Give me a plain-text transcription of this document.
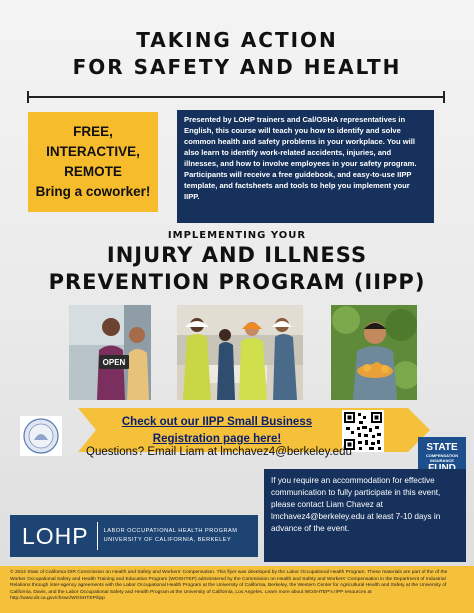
TAKING ACTION
FOR SAFETY AND HEALTH
FREE,
INTERACTIVE,
REMOTE
Bring a coworker!
Presented by LOHP trainers and Cal/OSHA representatives in English, this course will teach you how to identify and solve common health and safety problems in your workplace. You will also learn to identify work-related accidents, injuries, and illnesses, and how to involve employees in your safety program. Participants will receive a free guidebook, and easy-to-use IIPP template, and factsheets and tools to help you implement your IIPP.
IMPLEMENTING YOUR
INJURY AND ILLNESS
PREVENTION PROGRAM (IIPP)
OPEN
Check out our IIPP Small Business
Registration page here!
STATE
COMPENSATION INSURANCE
Questions? Email Liam at lmchavez4@berkeley.edu
LOHP	LABOR OCCUPATIONAL HEALTH PROGRAM
UNIVERSITY OF CALIFORNIA, BERKELEY
If you require an accommodation for effective communication to fully participate in this event, please contact Liam Chavez at lmchavez4@berkeley.edu at least 7-10 days in advance of the event.
© 2024 State of California DIR Commission on Health and Safety and Workers' Compensation. This flyer was developed by the Labor Occupational Health Program. These materials are part of the of the Worker Occupational Safety and Health Training and Education Program (WOSHTEP) administered by the Commission on Health and Safety and Workers' Compensation in the Department of Industrial Relations through inter-agency agreements with the Labor Occupational Health Program at the University of California, Berkeley, the Western Center for Agricultural Health and Safety at the University of California, Davis, and the Labor Occupational Safety and Health Program at the University of California, Los Angeles. Learn more about WOSHTEP's IIPP resources at http://www.dir.ca.gov/chswc/WOSHTEP/iipp
